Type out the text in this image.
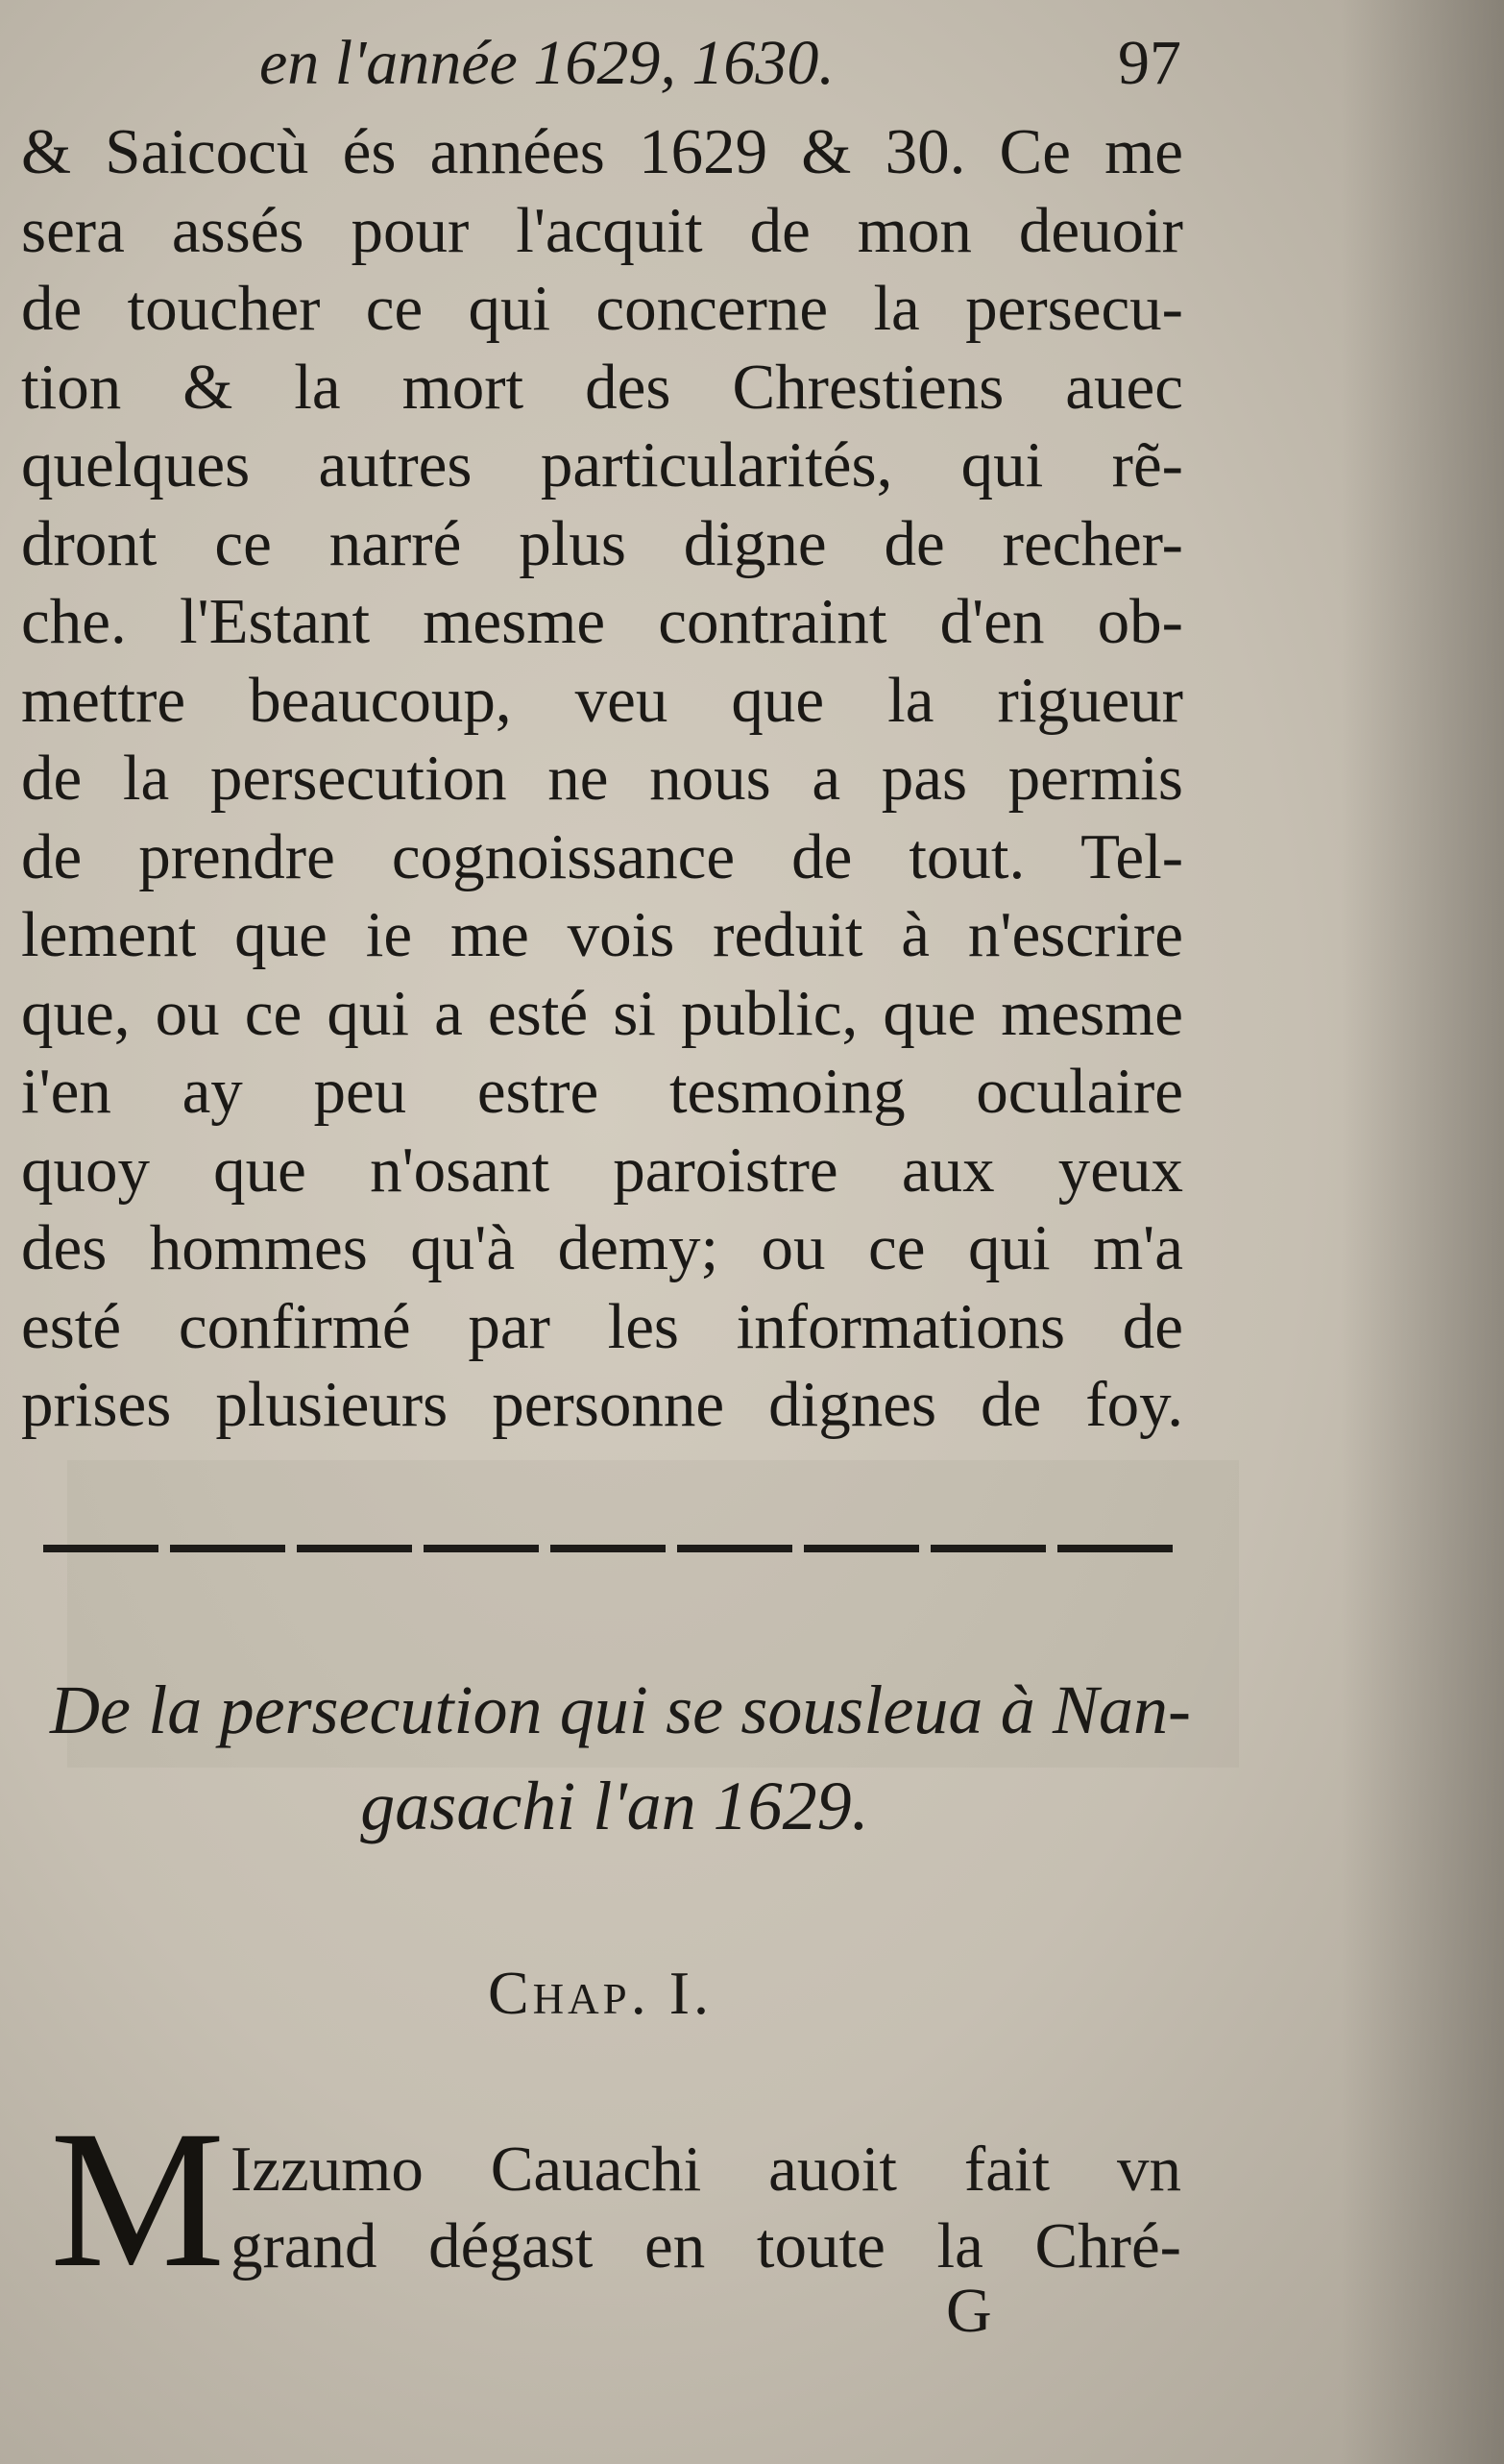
en l'année 1629, 1630.	97
& Saicocù és années 1629 & 30. Ce me
sera assés pour l'acquit de mon deuoir
de toucher ce qui concerne la persecu-
tion & la mort des Chrestiens auec
quelques autres particularités, qui rẽ-
dront ce narré plus digne de recher-
che. l'Estant mesme contraint d'en ob-
mettre beaucoup, veu que la rigueur
de la persecution ne nous a pas permis
de prendre cognoissance de tout. Tel-
lement que ie me vois reduit à n'escrire
que, ou ce qui a esté si public, que mesme
i'en ay peu estre tesmoing oculaire
quoy que n'osant paroistre aux yeux
des hommes qu'à demy; ou ce qui m'a
esté confirmé par les informations de
prises plusieurs personne dignes de foy.
De la persecution qui se sousleua à Nan-
gasachi l'an 1629.
Chap. I.
M Izzumo Cauachi auoit fait vn
grand dégast en toute la Chré-
G
